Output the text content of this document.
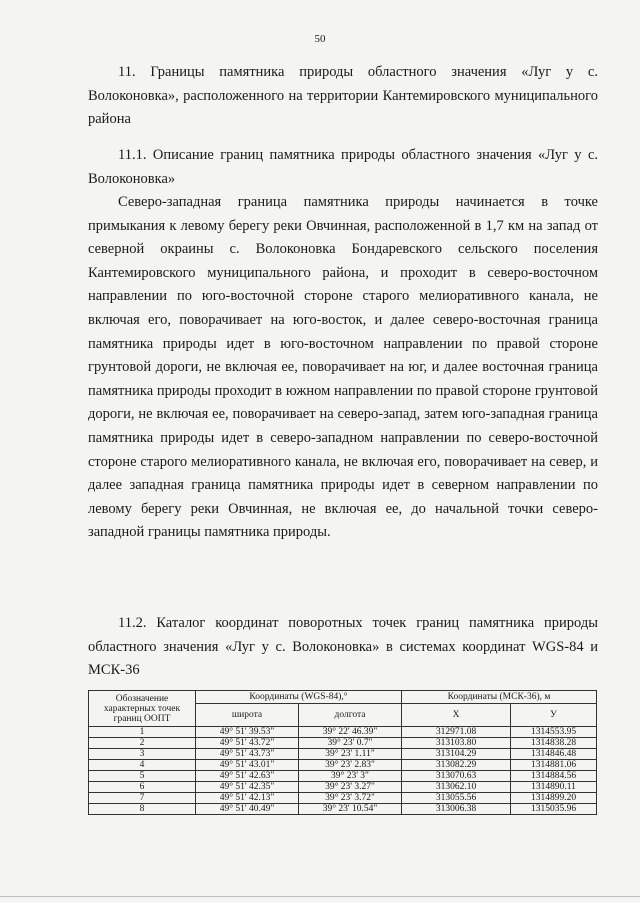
50

11. Границы памятника природы областного значения «Луг у с. Волоконовка», расположенного на территории Кантемировского муниципального района

11.1. Описание границ памятника природы областного значения «Луг у с. Волоконовка»

Северо-западная граница памятника природы начинается в точке примыкания к левому берегу реки Овчинная, расположенной в 1,7 км на запад от северной окраины с. Волоконовка Бондаревского сельского поселения Кантемировского муниципального района, и проходит в северо-восточном направлении по юго-восточной стороне старого мелиоративного канала, не включая его, поворачивает на юго-восток, и далее северо-восточная граница памятника природы идет в юго-восточном направлении по правой стороне грунтовой дороги, не включая ее, поворачивает на юг, и далее восточная граница памятника природы проходит в южном направлении по правой стороне грунтовой дороги, не включая ее, поворачивает на северо-запад, затем юго-западная граница памятника природы идет в северо-западном направлении по северо-восточной стороне старого мелиоративного канала, не включая его, поворачивает на север, и далее западная граница памятника природы идет в северном направлении по левому берегу реки Овчинная, не включая ее, до начальной точки северо-западной границы памятника природы.

11.2. Каталог координат поворотных точек границ памятника природы областного значения «Луг у с. Волоконовка» в системах координат WGS-84 и МСК-36

Обозначение характерных точек границ ООПТ	Координаты (WGS-84),°		Координаты (МСК-36), м	
	широта	долгота	X	У
1	49° 51' 39.53"	39° 22' 46.39"	312971.08	1314553.95
2	49° 51' 43.72"	39° 23' 0.7"	313103.80	1314838.28
3	49° 51' 43.73"	39° 23' 1.11"	313104.29	1314846.48
4	49° 51' 43.01"	39° 23' 2.83"	313082.29	1314881.06
5	49° 51' 42.63"	39° 23' 3"	313070.63	1314884.56
6	49° 51' 42.35"	39° 23' 3.27"	313062.10	1314890.11
7	49° 51' 42.13"	39° 23' 3.72"	313055.56	1314899.20
8	49° 51' 40.49"	39° 23' 10.54"	313006.38	1315035.96
